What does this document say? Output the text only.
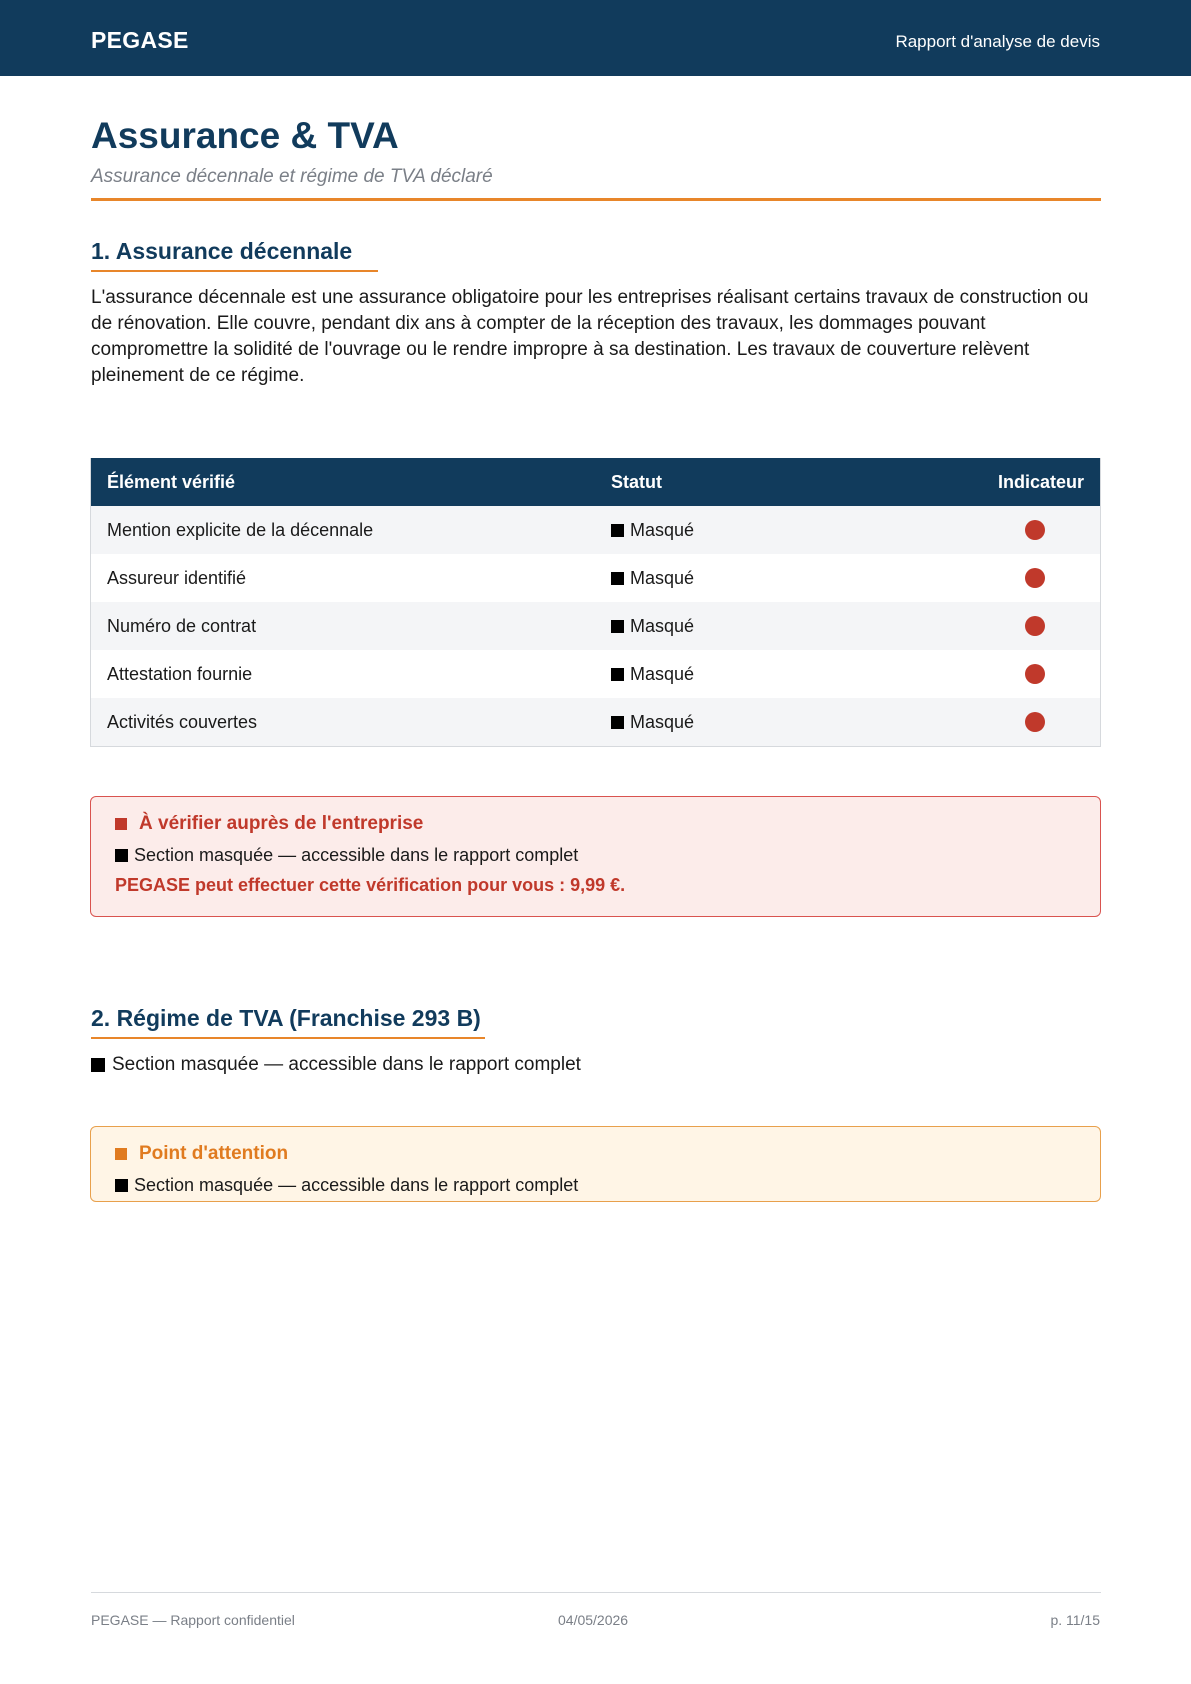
PEGASE	Rapport d'analyse de devis
Assurance & TVA
Assurance décennale et régime de TVA déclaré
1. Assurance décennale

L'assurance décennale est une assurance obligatoire pour les entreprises réalisant certains travaux de construction ou de rénovation. Elle couvre, pendant dix ans à compter de la réception des travaux, les dommages pouvant compromettre la solidité de l'ouvrage ou le rendre impropre à sa destination. Les travaux de couverture relèvent pleinement de ce régime.

Élément vérifié	Statut	Indicateur
Mention explicite de la décennale	Masqué
Assureur identifié	Masqué
Numéro de contrat	Masqué
Attestation fournie	Masqué
Activités couvertes	Masqué
À vérifier auprès de l'entreprise
Section masquée — accessible dans le rapport complet
PEGASE peut effectuer cette vérification pour vous : 9,99 €.
2. Régime de TVA (Franchise 293 B)
Section masquée — accessible dans le rapport complet
Point d'attention
Section masquée — accessible dans le rapport complet
PEGASE — Rapport confidentiel	04/05/2026	p. 11/15
